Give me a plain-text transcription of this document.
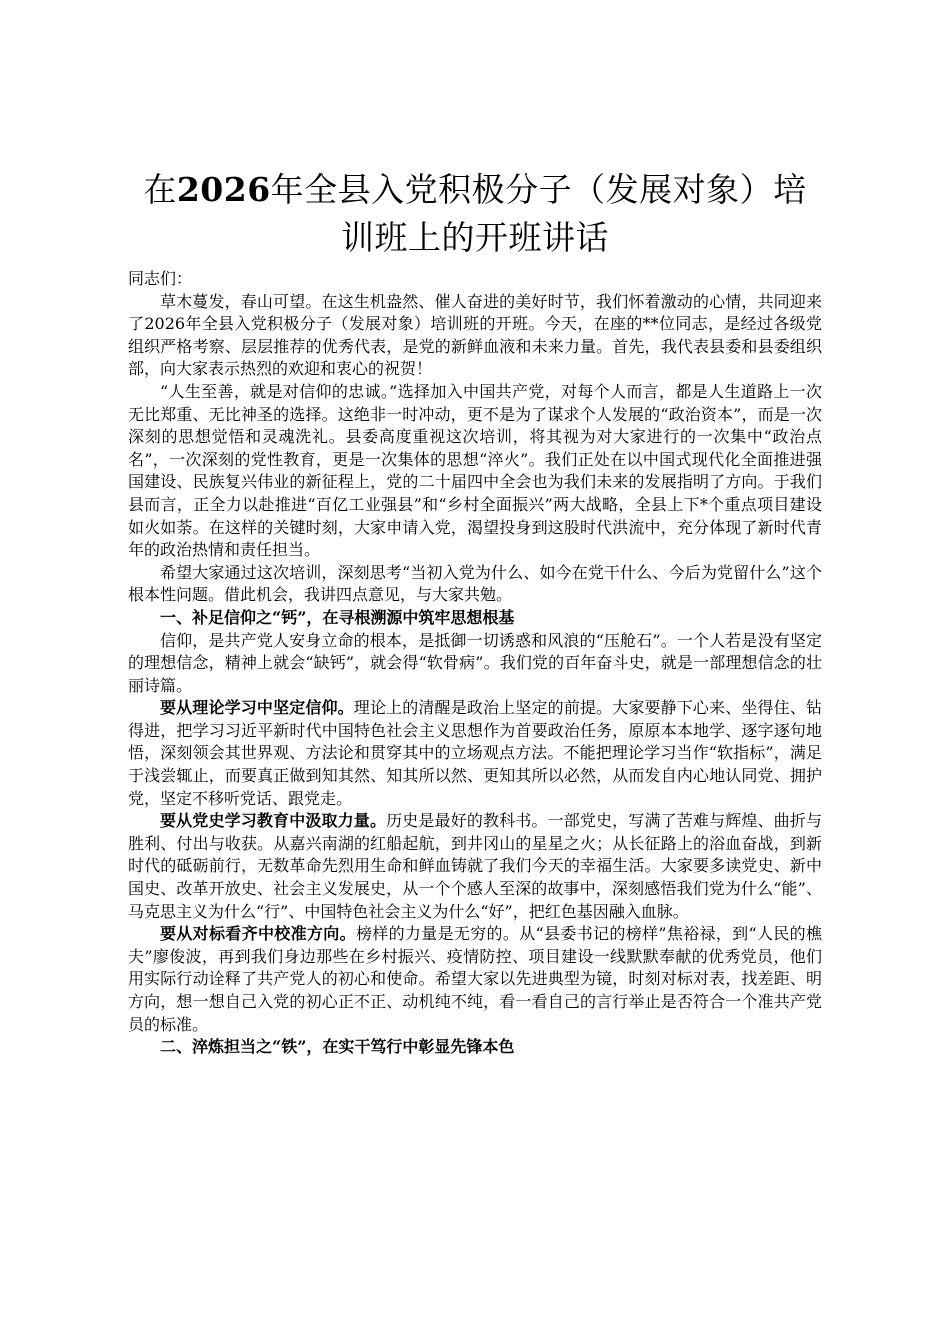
在2026年全县入党积极分子（发展对象）培训班上的开班讲话

同志们：

草木蔓发，春山可望。在这生机盎然、催人奋进的美好时节，我们怀着激动的心情，共同迎来了2026年全县入党积极分子（发展对象）培训班的开班。今天，在座的**位同志，是经过各级党组织严格考察、层层推荐的优秀代表，是党的新鲜血液和未来力量。首先，我代表县委和县委组织部，向大家表示热烈的欢迎和衷心的祝贺！

“人生至善，就是对信仰的忠诚。”选择加入中国共产党，对每个人而言，都是人生道路上一次无比郑重、无比神圣的选择。这绝非一时冲动，更不是为了谋求个人发展的“政治资本”，而是一次深刻的思想觉悟和灵魂洗礼。县委高度重视这次培训，将其视为对大家进行的一次集中“政治点名”，一次深刻的党性教育，更是一次集体的思想“淬火”。我们正处在以中国式现代化全面推进强国建设、民族复兴伟业的新征程上，党的二十届四中全会也为我们未来的发展指明了方向。于我们县而言，正全力以赴推进“百亿工业强县”和“乡村全面振兴”两大战略，全县上下*个重点项目建设如火如荼。在这样的关键时刻，大家申请入党，渴望投身到这股时代洪流中，充分体现了新时代青年的政治热情和责任担当。

希望大家通过这次培训，深刻思考“当初入党为什么、如今在党干什么、今后为党留什么”这个根本性问题。借此机会，我讲四点意见，与大家共勉。

一、补足信仰之“钙”，在寻根溯源中筑牢思想根基

信仰，是共产党人安身立命的根本，是抵御一切诱惑和风浪的“压舱石”。一个人若是没有坚定的理想信念，精神上就会“缺钙”，就会得“软骨病”。我们党的百年奋斗史，就是一部理想信念的壮丽诗篇。

要从理论学习中坚定信仰。理论上的清醒是政治上坚定的前提。大家要静下心来、坐得住、钻得进，把学习习近平新时代中国特色社会主义思想作为首要政治任务，原原本本地学、逐字逐句地悟，深刻领会其世界观、方法论和贯穿其中的立场观点方法。不能把理论学习当作“软指标”，满足于浅尝辄止，而要真正做到知其然、知其所以然、更知其所以必然，从而发自内心地认同党、拥护党，坚定不移听党话、跟党走。

要从党史学习教育中汲取力量。历史是最好的教科书。一部党史，写满了苦难与辉煌、曲折与胜利、付出与收获。从嘉兴南湖的红船起航，到井冈山的星星之火；从长征路上的浴血奋战，到新时代的砥砺前行，无数革命先烈用生命和鲜血铸就了我们今天的幸福生活。大家要多读党史、新中国史、改革开放史、社会主义发展史，从一个个感人至深的故事中，深刻感悟我们党为什么“能”、马克思主义为什么“行”、中国特色社会主义为什么“好”，把红色基因融入血脉。

要从对标看齐中校准方向。榜样的力量是无穷的。从“县委书记的榜样”焦裕禄，到“人民的樵夫”廖俊波，再到我们身边那些在乡村振兴、疫情防控、项目建设一线默默奉献的优秀党员，他们用实际行动诠释了共产党人的初心和使命。希望大家以先进典型为镜，时刻对标对表，找差距、明方向，想一想自己入党的初心正不正、动机纯不纯，看一看自己的言行举止是否符合一个准共产党员的标准。

二、淬炼担当之“铁”，在实干笃行中彰显先锋本色
